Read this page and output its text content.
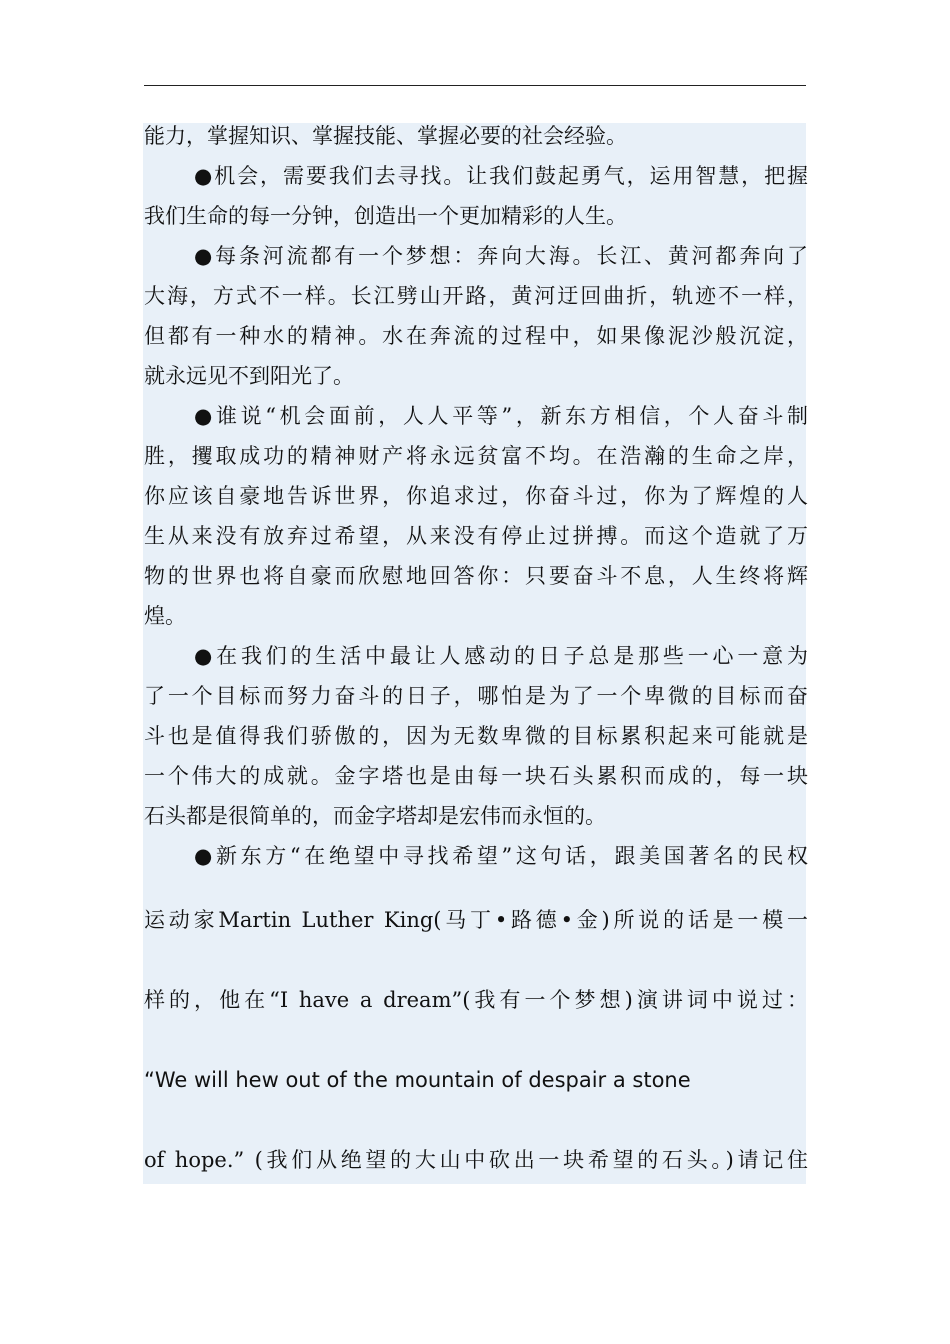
能力，掌握知识、掌握技能、掌握必要的社会经验。
●机会，需要我们去寻找。让我们鼓起勇气，运用智慧，把握
我们生命的每一分钟，创造出一个更加精彩的人生。
●每条河流都有一个梦想：奔向大海。长江、黄河都奔向了
大海，方式不一样。长江劈山开路，黄河迂回曲折，轨迹不一样，
但都有一种水的精神。水在奔流的过程中，如果像泥沙般沉淀，
就永远见不到阳光了。
●谁说“机会面前，人人平等”，新东方相信，个人奋斗制
胜，攫取成功的精神财产将永远贫富不均。在浩瀚的生命之岸，
你应该自豪地告诉世界，你追求过，你奋斗过，你为了辉煌的人
生从来没有放弃过希望，从来没有停止过拼搏。而这个造就了万
物的世界也将自豪而欣慰地回答你：只要奋斗不息，人生终将辉
煌。
●在我们的生活中最让人感动的日子总是那些一心一意为
了一个目标而努力奋斗的日子，哪怕是为了一个卑微的目标而奋
斗也是值得我们骄傲的，因为无数卑微的目标累积起来可能就是
一个伟大的成就。金字塔也是由每一块石头累积而成的，每一块
石头都是很简单的，而金字塔却是宏伟而永恒的。
●新东方“在绝望中寻找希望”这句话，跟美国著名的民权
运动家Martin Luther King(马丁•路德•金)所说的话是一模一
样的，他在“I have a dream”(我有一个梦想)演讲词中说过：
“We will hew out of the mountain of despair a stone
of hope.” (我们从绝望的大山中砍出一块希望的石头。)请记住
